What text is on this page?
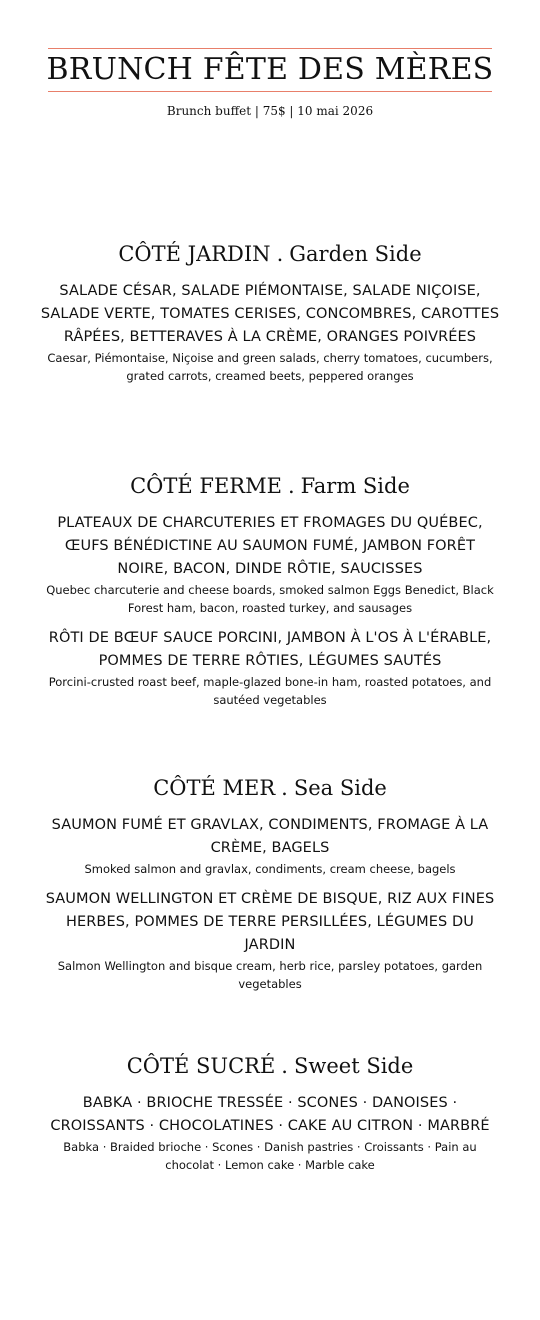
BRUNCH FÊTE DES MÈRES
Brunch buffet | 75$ | 10 mai 2026
CÔTÉ JARDIN . Garden Side
SALADE CÉSAR, SALADE PIÉMONTAISE, SALADE NIÇOISE, SALADE VERTE, TOMATES CERISES, CONCOMBRES, CAROTTES RÂPÉES, BETTERAVES À LA CRÈME, ORANGES POIVRÉES
Caesar, Piémontaise, Niçoise and green salads, cherry tomatoes, cucumbers, grated carrots, creamed beets, peppered oranges
CÔTÉ FERME . Farm Side
PLATEAUX DE CHARCUTERIES ET FROMAGES DU QUÉBEC, ŒUFS BÉNÉDICTINE AU SAUMON FUMÉ, JAMBON FORÊT NOIRE, BACON, DINDE RÔTIE, SAUCISSES
Quebec charcuterie and cheese boards, smoked salmon Eggs Benedict, Black Forest ham, bacon, roasted turkey, and sausages
RÔTI DE BŒUF SAUCE PORCINI, JAMBON À L'OS À L'ÉRABLE, POMMES DE TERRE RÔTIES, LÉGUMES SAUTÉS
Porcini-crusted roast beef, maple-glazed bone-in ham, roasted potatoes, and sautéed vegetables
CÔTÉ MER . Sea Side
SAUMON FUMÉ ET GRAVLAX, CONDIMENTS, FROMAGE À LA CRÈME, BAGELS
Smoked salmon and gravlax, condiments, cream cheese, bagels
SAUMON WELLINGTON ET CRÈME DE BISQUE, RIZ AUX FINES HERBES, POMMES DE TERRE PERSILLÉES, LÉGUMES DU JARDIN
Salmon Wellington and bisque cream, herb rice, parsley potatoes, garden vegetables
CÔTÉ SUCRÉ . Sweet Side
BABKA · BRIOCHE TRESSÉE · SCONES · DANOISES · CROISSANTS · CHOCOLATINES · CAKE AU CITRON · MARBRÉ
Babka · Braided brioche · Scones · Danish pastries · Croissants · Pain au chocolat · Lemon cake · Marble cake
